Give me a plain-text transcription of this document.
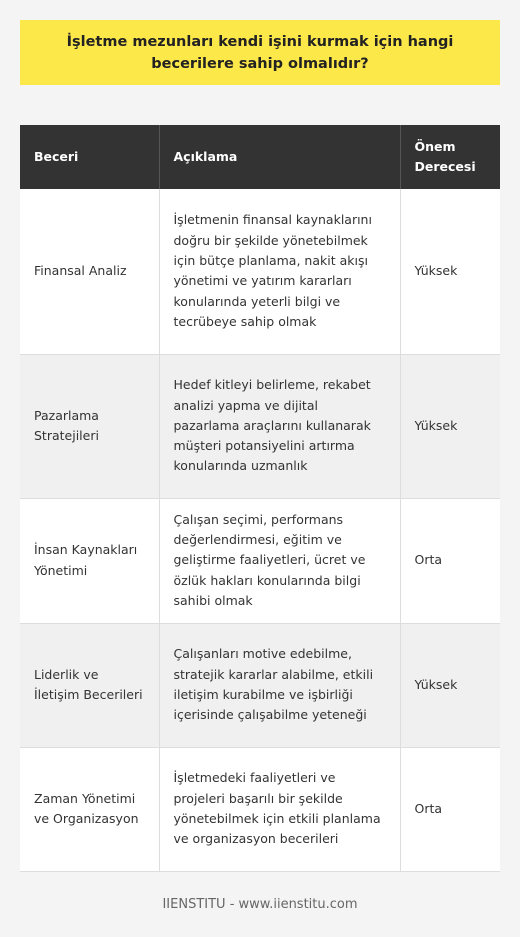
İşletme mezunları kendi işini kurmak için hangi becerilere sahip olmalıdır?
Beceri	Açıklama	Önem Derecesi
Finansal Analiz	İşletmenin finansal kaynaklarını doğru bir şekilde yönetebilmek için bütçe planlama, nakit akışı yönetimi ve yatırım kararları konularında yeterli bilgi ve tecrübeye sahip olmak	Yüksek
Pazarlama Stratejileri	Hedef kitleyi belirleme, rekabet analizi yapma ve dijital pazarlama araçlarını kullanarak müşteri potansiyelini artırma konularında uzmanlık	Yüksek
İnsan Kaynakları Yönetimi	Çalışan seçimi, performans değerlendirmesi, eğitim ve geliştirme faaliyetleri, ücret ve özlük hakları konularında bilgi sahibi olmak	Orta
Liderlik ve İletişim Becerileri	Çalışanları motive edebilme, stratejik kararlar alabilme, etkili iletişim kurabilme ve işbirliği içerisinde çalışabilme yeteneği	Yüksek
Zaman Yönetimi ve Organizasyon	İşletmedeki faaliyetleri ve projeleri başarılı bir şekilde yönetebilmek için etkili planlama ve organizasyon becerileri	Orta
IIENSTITU - www.iienstitu.com
